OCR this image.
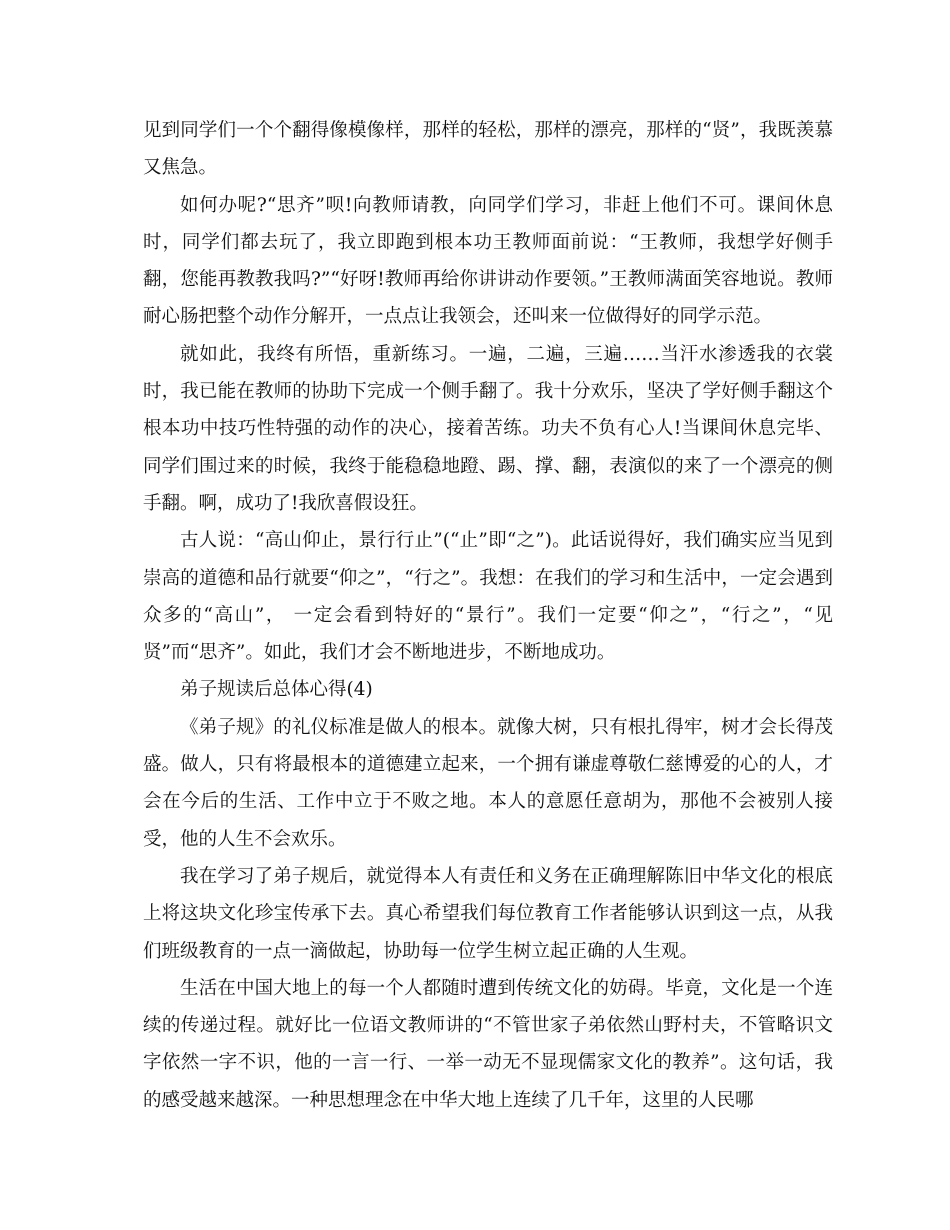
见到同学们一个个翻得像模像样，那样的轻松，那样的漂亮，那样的“贤”，我既羡慕又焦急。

如何办呢?“思齐”呗!向教师请教，向同学们学习，非赶上他们不可。课间休息时，同学们都去玩了，我立即跑到根本功王教师面前说：“王教师，我想学好侧手翻，您能再教教我吗?”“好呀!教师再给你讲讲动作要领。”王教师满面笑容地说。教师耐心肠把整个动作分解开，一点点让我领会，还叫来一位做得好的同学示范。

就如此，我终有所悟，重新练习。一遍，二遍，三遍……当汗水渗透我的衣裳时，我已能在教师的协助下完成一个侧手翻了。我十分欢乐，坚决了学好侧手翻这个根本功中技巧性特强的动作的决心，接着苦练。功夫不负有心人!当课间休息完毕、同学们围过来的时候，我终于能稳稳地蹬、踢、撑、翻，表演似的来了一个漂亮的侧手翻。啊，成功了!我欣喜假设狂。

古人说：“高山仰止，景行行止”(“止”即“之”)。此话说得好，我们确实应当见到崇高的道德和品行就要“仰之”，“行之”。我想：在我们的学习和生活中，一定会遇到众多的“高山”， 一定会看到特好的“景行”。我们一定要“仰之”，“行之”，“见贤”而“思齐”。如此，我们才会不断地进步，不断地成功。

弟子规读后总体心得(4)

《弟子规》的礼仪标准是做人的根本。就像大树，只有根扎得牢，树才会长得茂盛。做人，只有将最根本的道德建立起来，一个拥有谦虚尊敬仁慈博爱的心的人，才会在今后的生活、工作中立于不败之地。本人的意愿任意胡为，那他不会被别人接受，他的人生不会欢乐。

我在学习了弟子规后，就觉得本人有责任和义务在正确理解陈旧中华文化的根底上将这块文化珍宝传承下去。真心希望我们每位教育工作者能够认识到这一点，从我们班级教育的一点一滴做起，协助每一位学生树立起正确的人生观。

生活在中国大地上的每一个人都随时遭到传统文化的妨碍。毕竟，文化是一个连续的传递过程。就好比一位语文教师讲的“不管世家子弟依然山野村夫，不管略识文字依然一字不识，他的一言一行、一举一动无不显现儒家文化的教养”。这句话，我的感受越来越深。一种思想理念在中华大地上连续了几千年，这里的人民哪
